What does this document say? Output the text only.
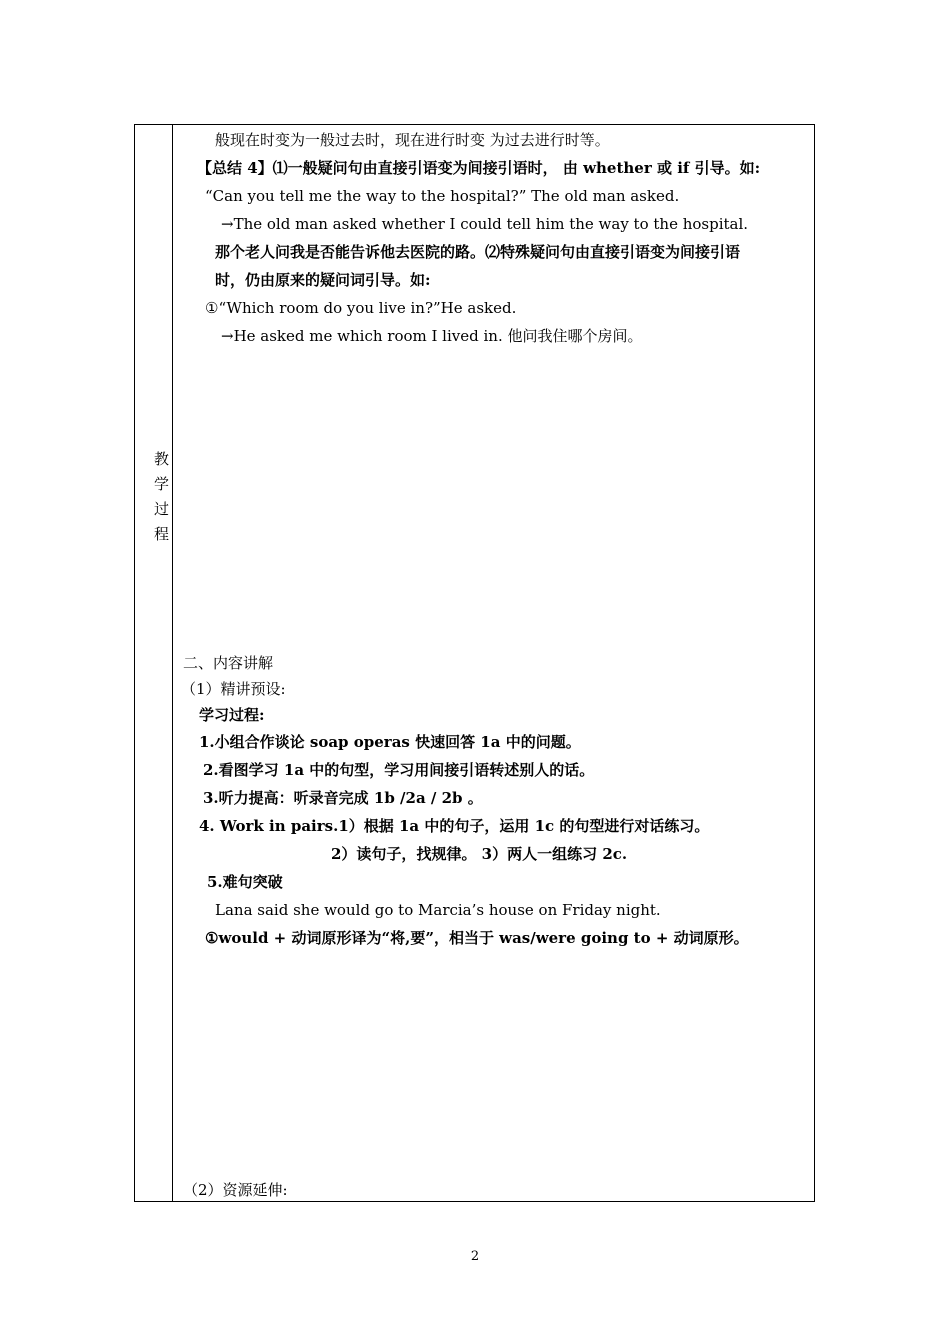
教学过程
般现在时变为一般过去时，现在进行时变 为过去进行时等。
【总结 4】⑴一般疑问句由直接引语变为间接引语时， 由 whether 或 if 引导。如:
“Can you tell me the way to the hospital?” The old man asked.
→The old man asked whether I could tell him the way to the hospital.
那个老人问我是否能告诉他去医院的路。⑵特殊疑问句由直接引语变为间接引语
时，仍由原来的疑问词引导。如:
①“Which room do you live in?”He asked.
→He asked me which room I lived in. 他问我住哪个房间。
二、内容讲解
（1）精讲预设:
学习过程:
1.小组合作谈论 soap operas 快速回答 1a 中的问题。
2.看图学习 1a 中的句型，学习用间接引语转述别人的话。
3.听力提高：听录音完成 1b /2a / 2b 。
4. Work in pairs.1）根据 1a 中的句子，运用 1c 的句型进行对话练习。
2）读句子，找规律。 3）两人一组练习 2c.
5.难句突破
Lana said she would go to Marcia’s house on Friday night.
①would + 动词原形译为“将,要”，相当于 was/were going to + 动词原形。
（2）资源延伸:
2
